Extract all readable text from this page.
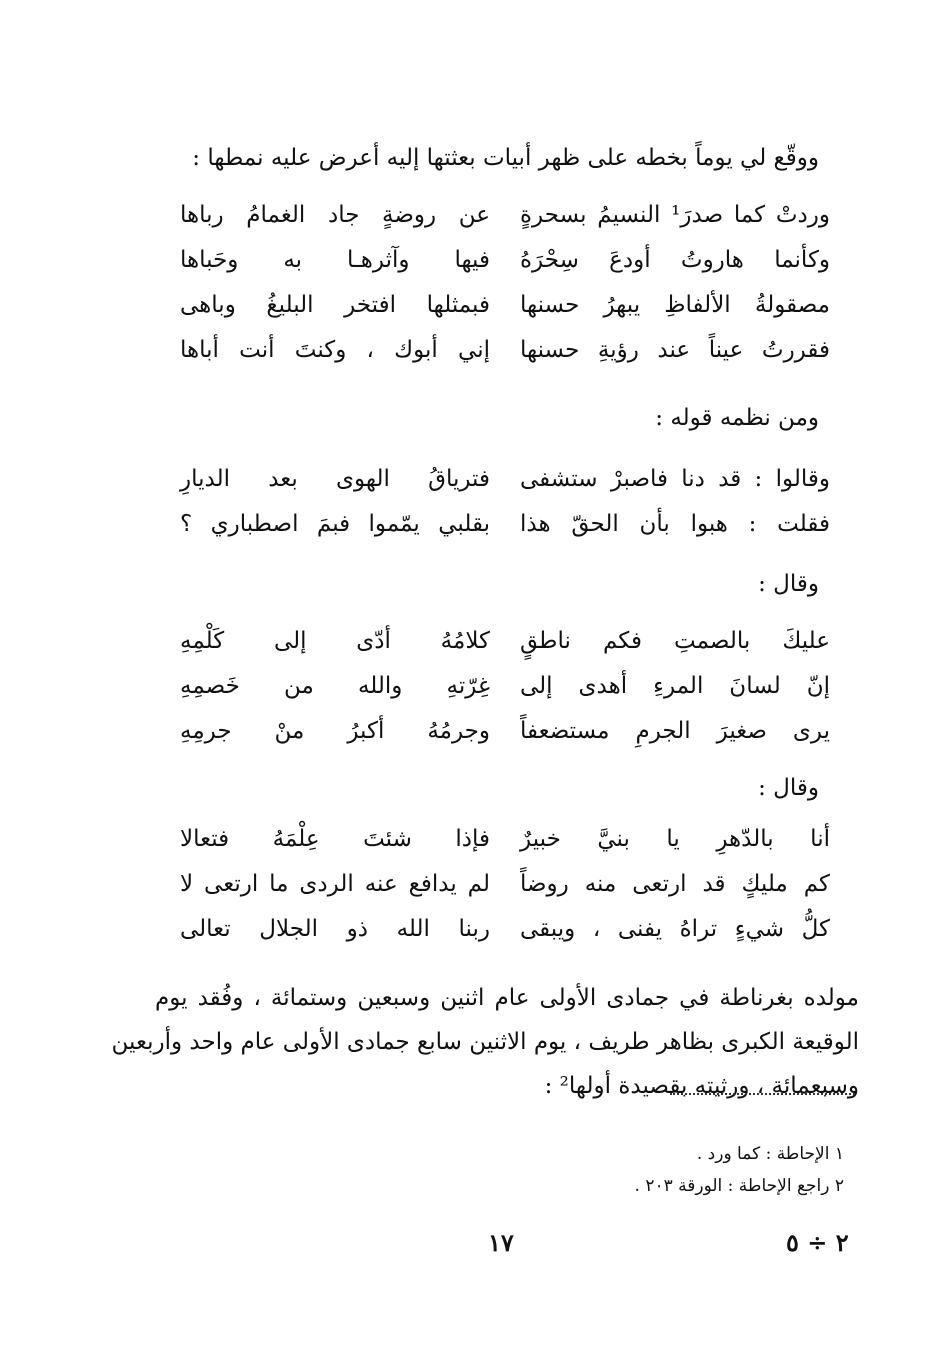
ووقّع لي يوماً بخطه على ظهر أبيات بعثتها إليه أعرض عليه نمطها :
وردتْ كما صدرَ¹ النسيمُ بسحرةٍ
عن روضةٍ جاد الغمامُ رباها
وكأنما هاروتُ أودعَ سِحْرَهُ
فيها وآثرهـا به وحَباها
مصقولةُ الألفاظِ يبهرُ حسنها
فبمثلها افتخر البليغُ وباهى
فقررتُ عيناً عند رؤيةِ حسنها
إني أبوك ، وكنتَ أنت أباها
ومن نظمه قوله :
وقالوا : قد دنا فاصبرْ ستشفى
فترياقُ الهوى بعد الديارِ
فقلت : هبوا بأن الحقّ هذا
بقلبي يمّموا فبمَ اصطباري ؟
وقال :
عليكَ بالصمتِ فكم ناطقٍ
كلامُهُ أدّى إلى كَلْمِهِ
إنّ لسانَ المرءِ أهدى إلى
غِرّتهِ والله من خَصمِهِ
يرى صغيرَ الجرمِ مستضعفاً
وجرمُهُ أكبرُ منْ جرمِهِ
وقال :
أنا بالدّهرِ يا بنيَّ خبيرٌ
فإذا شئتَ عِلْمَهُ فتعالا
كم مليكٍ قد ارتعى منه روضاً
لم يدافع عنه الردى ما ارتعى لا
كلُّ شيءٍ تراهُ يفنى ، ويبقى
ربنا الله ذو الجلال تعالى
مولده بغرناطة في جمادى الأولى عام اثنين وسبعين وستمائة ، وفُقد يوم
الوقيعة الكبرى بظاهر طريف ، يوم الاثنين سابع جمادى الأولى عام واحد وأربعين
وسبعمائة ، ورثيته بقصيدة أولها² :
١ الإحاطة : كما ورد .
٢ راجع الإحاطة : الورقة ٢٠٣ .
١٧	٢ ÷ ٥
